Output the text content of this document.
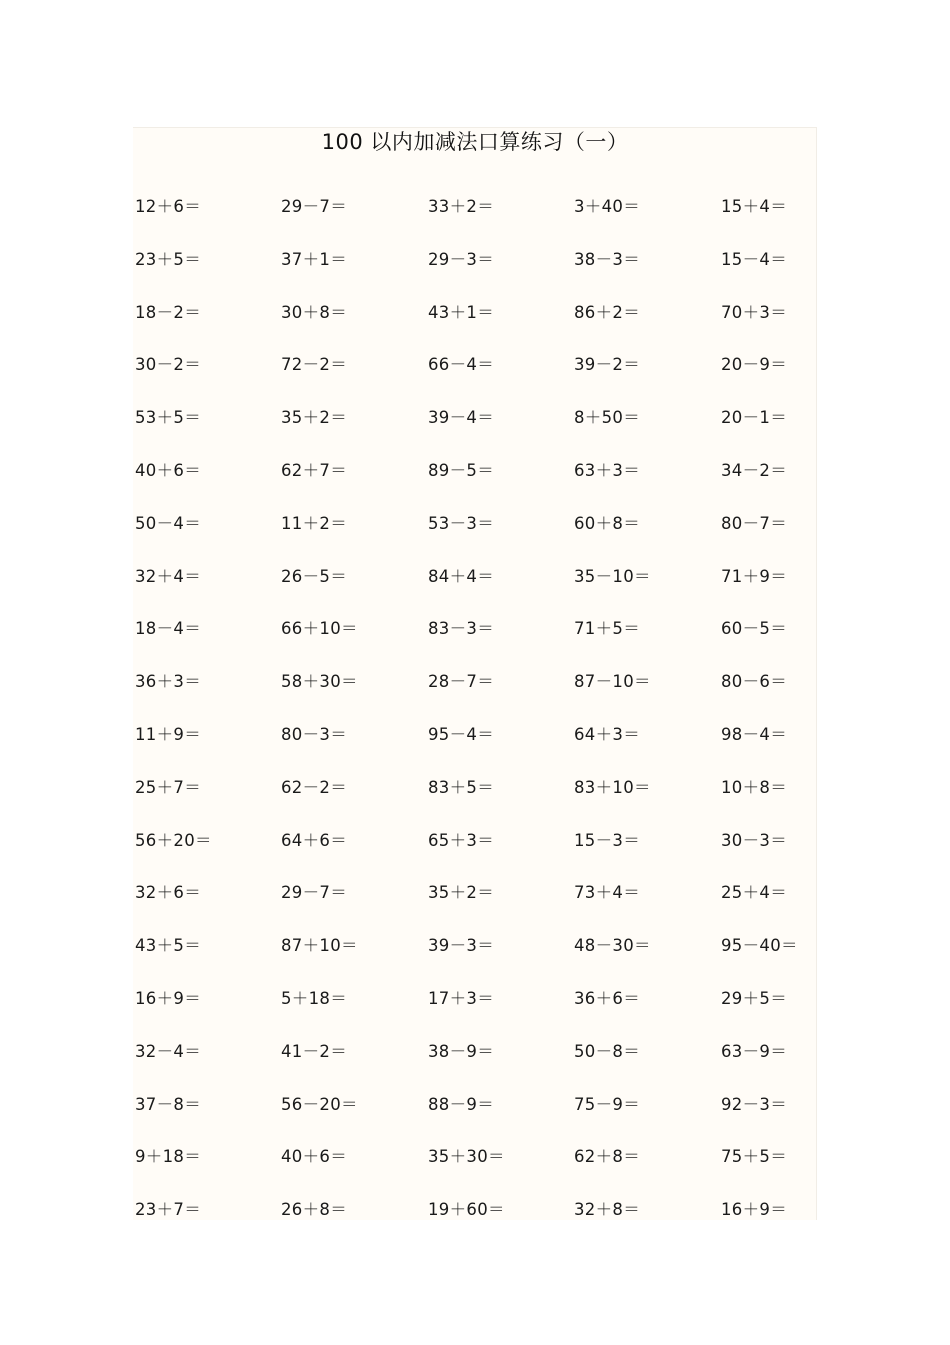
100 以内加减法口算练习（一）
12＋6＝	29－7＝	33＋2＝	3＋40＝	15＋4＝
23＋5＝	37＋1＝	29－3＝	38－3＝	15－4＝
18－2＝	30＋8＝	43＋1＝	86＋2＝	70＋3＝
30－2＝	72－2＝	66－4＝	39－2＝	20－9＝
53＋5＝	35＋2＝	39－4＝	8＋50＝	20－1＝
40＋6＝	62＋7＝	89－5＝	63＋3＝	34－2＝
50－4＝	11＋2＝	53－3＝	60＋8＝	80－7＝
32＋4＝	26－5＝	84＋4＝	35－10＝	71＋9＝
18－4＝	66＋10＝	83－3＝	71＋5＝	60－5＝
36＋3＝	58＋30＝	28－7＝	87－10＝	80－6＝
11＋9＝	80－3＝	95－4＝	64＋3＝	98－4＝
25＋7＝	62－2＝	83＋5＝	83＋10＝	10＋8＝
56＋20＝	64＋6＝	65＋3＝	15－3＝	30－3＝
32＋6＝	29－7＝	35＋2＝	73＋4＝	25＋4＝
43＋5＝	87＋10＝	39－3＝	48－30＝	95－40＝
16＋9＝	5＋18＝	17＋3＝	36＋6＝	29＋5＝
32－4＝	41－2＝	38－9＝	50－8＝	63－9＝
37－8＝	56－20＝	88－9＝	75－9＝	92－3＝
9＋18＝	40＋6＝	35＋30＝	62＋8＝	75＋5＝
23＋7＝	26＋8＝	19＋60＝	32＋8＝	16＋9＝
